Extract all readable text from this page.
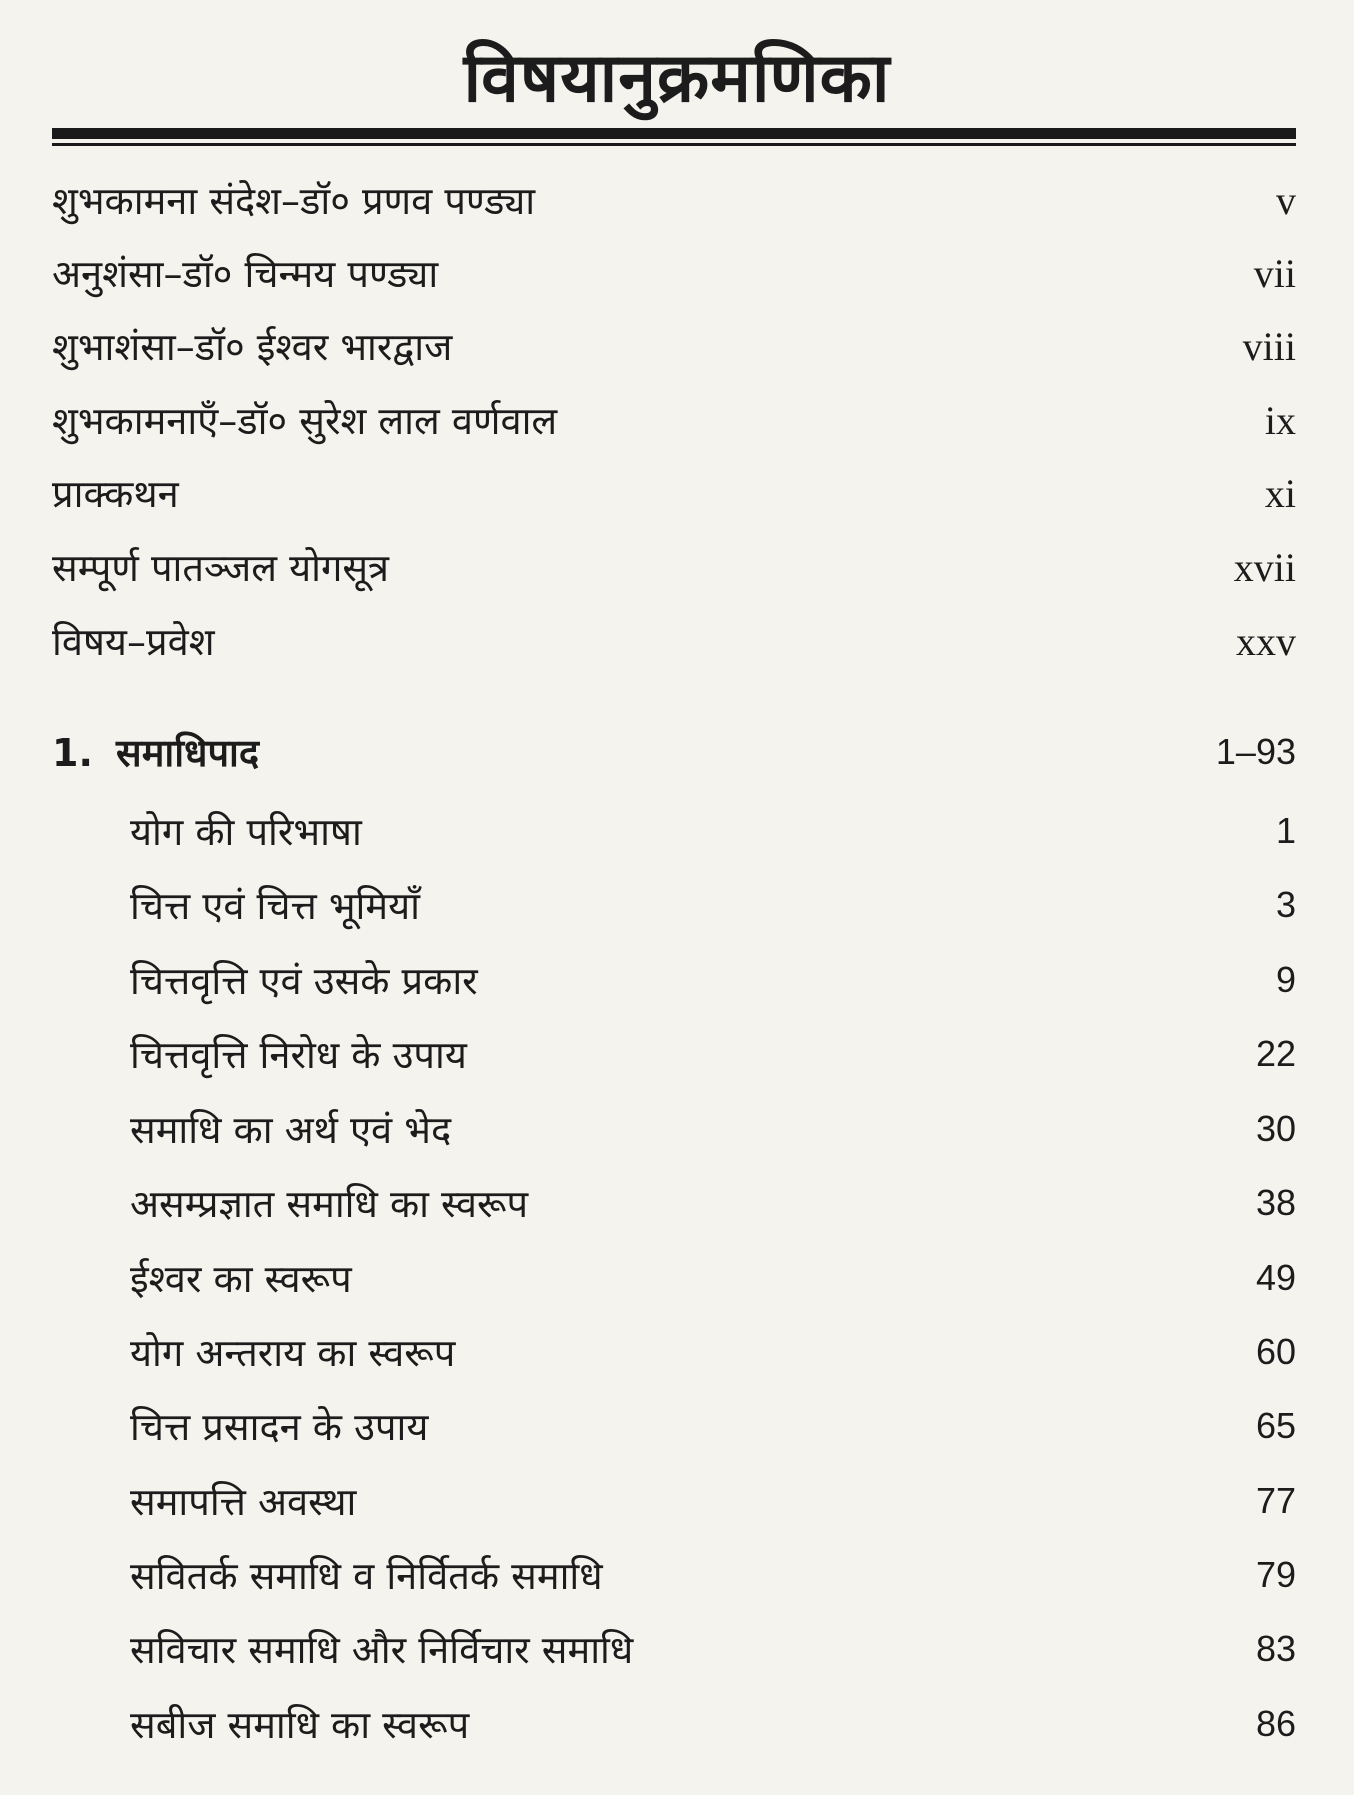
विषयानुक्रमणिका
शुभकामना संदेश–डॉ० प्रणव पण्ड्या	v
अनुशंसा–डॉ० चिन्मय पण्ड्या	vii
शुभाशंसा–डॉ० ईश्वर भारद्वाज	viii
शुभकामनाएँ–डॉ० सुरेश लाल वर्णवाल	ix
प्राक्कथन	xi
सम्पूर्ण पातञ्जल योगसूत्र	xvii
विषय–प्रवेश	xxv
1. समाधिपाद	1–93
योग की परिभाषा	1
चित्त एवं चित्त भूमियाँ	3
चित्तवृत्ति एवं उसके प्रकार	9
चित्तवृत्ति निरोध के उपाय	22
समाधि का अर्थ एवं भेद	30
असम्प्रज्ञात समाधि का स्वरूप	38
ईश्वर का स्वरूप	49
योग अन्तराय का स्वरूप	60
चित्त प्रसादन के उपाय	65
समापत्ति अवस्था	77
सवितर्क समाधि व निर्वितर्क समाधि	79
सविचार समाधि और निर्विचार समाधि	83
सबीज समाधि का स्वरूप	86
